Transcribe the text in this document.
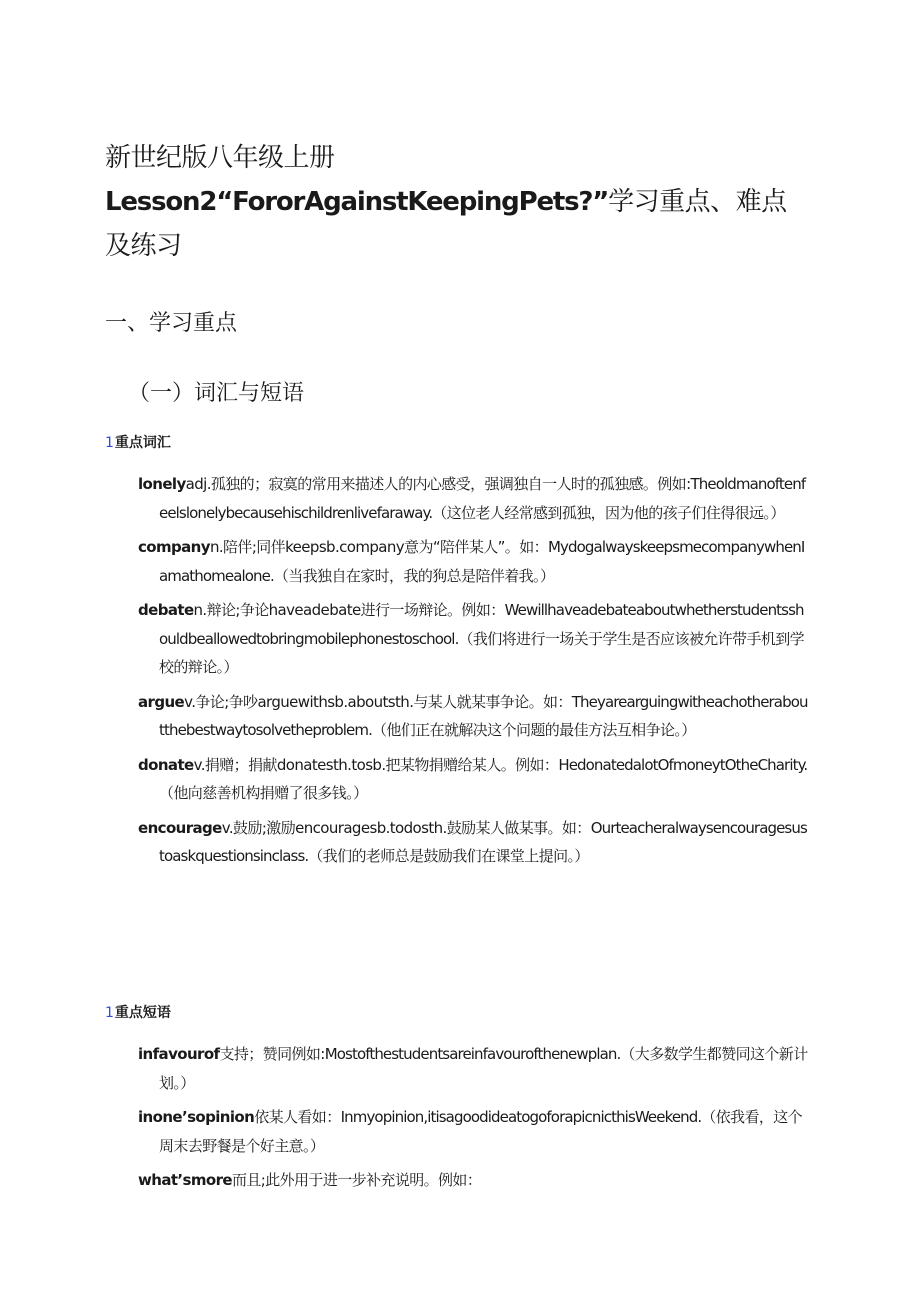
新世纪版八年级上册
Lesson2“FororAgainstKeepingPets?”学习重点、难点
及练习
一、学习重点
（一）词汇与短语
1重点词汇

lonelyadj.孤独的；寂寞的常用来描述人的内心感受，强调独自一人时的孤独感。例如:Theoldmanoftenfeelslonelybecausehischildrenlivefaraway.（这位老人经常感到孤独，因为他的孩子们住得很远。）

companyn.陪伴;同伴keepsb.company意为“陪伴某人”。如：MydogalwayskeepsmecompanywhenIamathomealone.（当我独自在家时，我的狗总是陪伴着我。）

debaten.辩论;争论haveadebate进行一场辩论。例如：Wewillhaveadebateaboutwhetherstudentsshouldbeallowedtobringmobilephonestoschool.（我们将进行一场关于学生是否应该被允许带手机到学校的辩论。）

arguev.争论;争吵arguewithsb.aboutsth.与某人就某事争论。如：Theyarearguingwitheachotheraboutthebestwaytosolvetheproblem.（他们正在就解决这个问题的最佳方法互相争论。）

donatev.捐赠；捐献donatesth.tosb.把某物捐赠给某人。例如：HedonatedalotOfmoneytOtheCharity.（他向慈善机构捐赠了很多钱。）

encouragev.鼓励;激励encouragesb.todosth.鼓励某人做某事。如：Ourteacheralwaysencouragesustoaskquestionsinclass.（我们的老师总是鼓励我们在课堂上提问。）

1重点短语

infavourof支持；赞同例如:Mostofthestudentsareinfavourofthenewplan.（大多数学生都赞同这个新计划。）

inone’sopinion依某人看如：Inmyopinion,itisagoodideatogoforapicnicthisWeekend.（依我看，这个周末去野餐是个好主意。）

what’smore而且;此外用于进一步补充说明。例如：
